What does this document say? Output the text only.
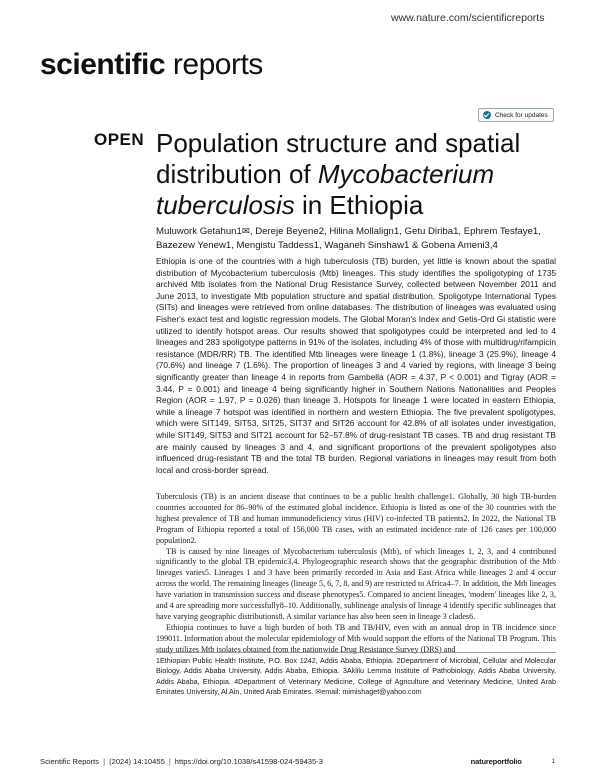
www.nature.com/scientificreports
scientific reports
Check for updates
OPEN Population structure and spatial distribution of Mycobacterium tuberculosis in Ethiopia
Muluwork Getahun1✉, Dereje Beyene2, Hilina Mollalign1, Getu Diriba1, Ephrem Tesfaye1, Bazezew Yenew1, Mengistu Taddess1, Waganeh Sinshaw1 & Gobena Ameni3,4
Ethiopia is one of the countries with a high tuberculosis (TB) burden, yet little is known about the spatial distribution of Mycobacterium tuberculosis (Mtb) lineages. This study identifies the spoligotyping of 1735 archived Mtb isolates from the National Drug Resistance Survey, collected between November 2011 and June 2013, to investigate Mtb population structure and spatial distribution. Spoligotype International Types (SITs) and lineages were retrieved from online databases. The distribution of lineages was evaluated using Fisher's exact test and logistic regression models. The Global Moran's Index and Getis-Ord Gi statistic were utilized to identify hotspot areas. Our results showed that spoligotypes could be interpreted and led to 4 lineages and 283 spoligotype patterns in 91% of the isolates, including 4% of those with multidrug/rifampicin resistance (MDR/RR) TB. The identified Mtb lineages were lineage 1 (1.8%), lineage 3 (25.9%), lineage 4 (70.6%) and lineage 7 (1.6%). The proportion of lineages 3 and 4 varied by regions, with lineage 3 being significantly greater than lineage 4 in reports from Gambella (AOR = 4.37, P < 0.001) and Tigray (AOR = 3.44, P = 0.001) and lineage 4 being significantly higher in Southern Nations Nationalities and Peoples Region (AOR = 1.97, P = 0.026) than lineage 3. Hotspots for lineage 1 were located in eastern Ethiopia, while a lineage 7 hotspot was identified in northern and western Ethiopia. The five prevalent spoligotypes, which were SIT149, SIT53, SIT25, SIT37 and SIT26 account for 42.8% of all isolates under investigation, while SIT149, SIT53 and SIT21 account for 52–57.8% of drug-resistant TB cases. TB and drug resistant TB are mainly caused by lineages 3 and 4, and significant proportions of the prevalent spoligotypes also influenced drug-resistant TB and the total TB burden. Regional variations in lineages may result from both local and cross-border spread.

Tuberculosis (TB) is an ancient disease that continues to be a public health challenge1. Globally, 30 high TB-burden countries accounted for 86–90% of the estimated global incidence. Ethiopia is listed as one of the 30 countries with the highest prevalence of TB and human immunodeficiency virus (HIV) co-infected TB patients2. In 2022, the National TB Program of Ethiopia reported a total of 156,000 TB cases, with an estimated incidence rate of 126 cases per 100,000 population2.

TB is caused by nine lineages of Mycobacterium tuberculosis (Mtb), of which lineages 1, 2, 3, and 4 contributed significantly to the global TB epidemic3,4. Phylogeographic research shows that the geographic distribution of the Mtb lineages varies5. Lineages 1 and 3 have been primarily recorded in Asia and East Africa while lineages 2 and 4 occur across the world. The remaining lineages (lineage 5, 6, 7, 8, and 9) are restricted to Africa4–7. In addition, the Mtb lineages have variation in transmission success and disease phenotypes5. Compared to ancient lineages, 'modern' lineages like 2, 3, and 4 are spreading more successfully8–10. Additionally, sublineage analysis of lineage 4 identify specific sublineages that have varying geographic distributions8. A similar variance has also been seen in lineage 3 clades6.

Ethiopia continues to have a high burden of both TB and TB/HIV, even with an annual drop in TB incidence since 199011. Information about the molecular epidemiology of Mtb would support the efforts of the National TB Program. This study utilizes Mtb isolates obtained from the nationwide Drug Resistance Survey (DRS) and

1Ethiopian Public Health Institute, P.O. Box 1242, Addis Ababa, Ethiopia. 2Department of Microbial, Cellular and Molecular Biology, Addis Ababa University, Addis Ababa, Ethiopia. 3Aklilu Lemma Institute of Pathobiology, Addis Ababa University, Addis Ababa, Ethiopia. 4Department of Veterinary Medicine, College of Agriculture and Veterinary Medicine, United Arab Emirates University, Al Ain, United Arab Emirates. ✉email: mimishaget@yahoo.com
Scientific Reports | (2024) 14:10455 | https://doi.org/10.1038/s41598-024-59435-3	natureportfolio	1
